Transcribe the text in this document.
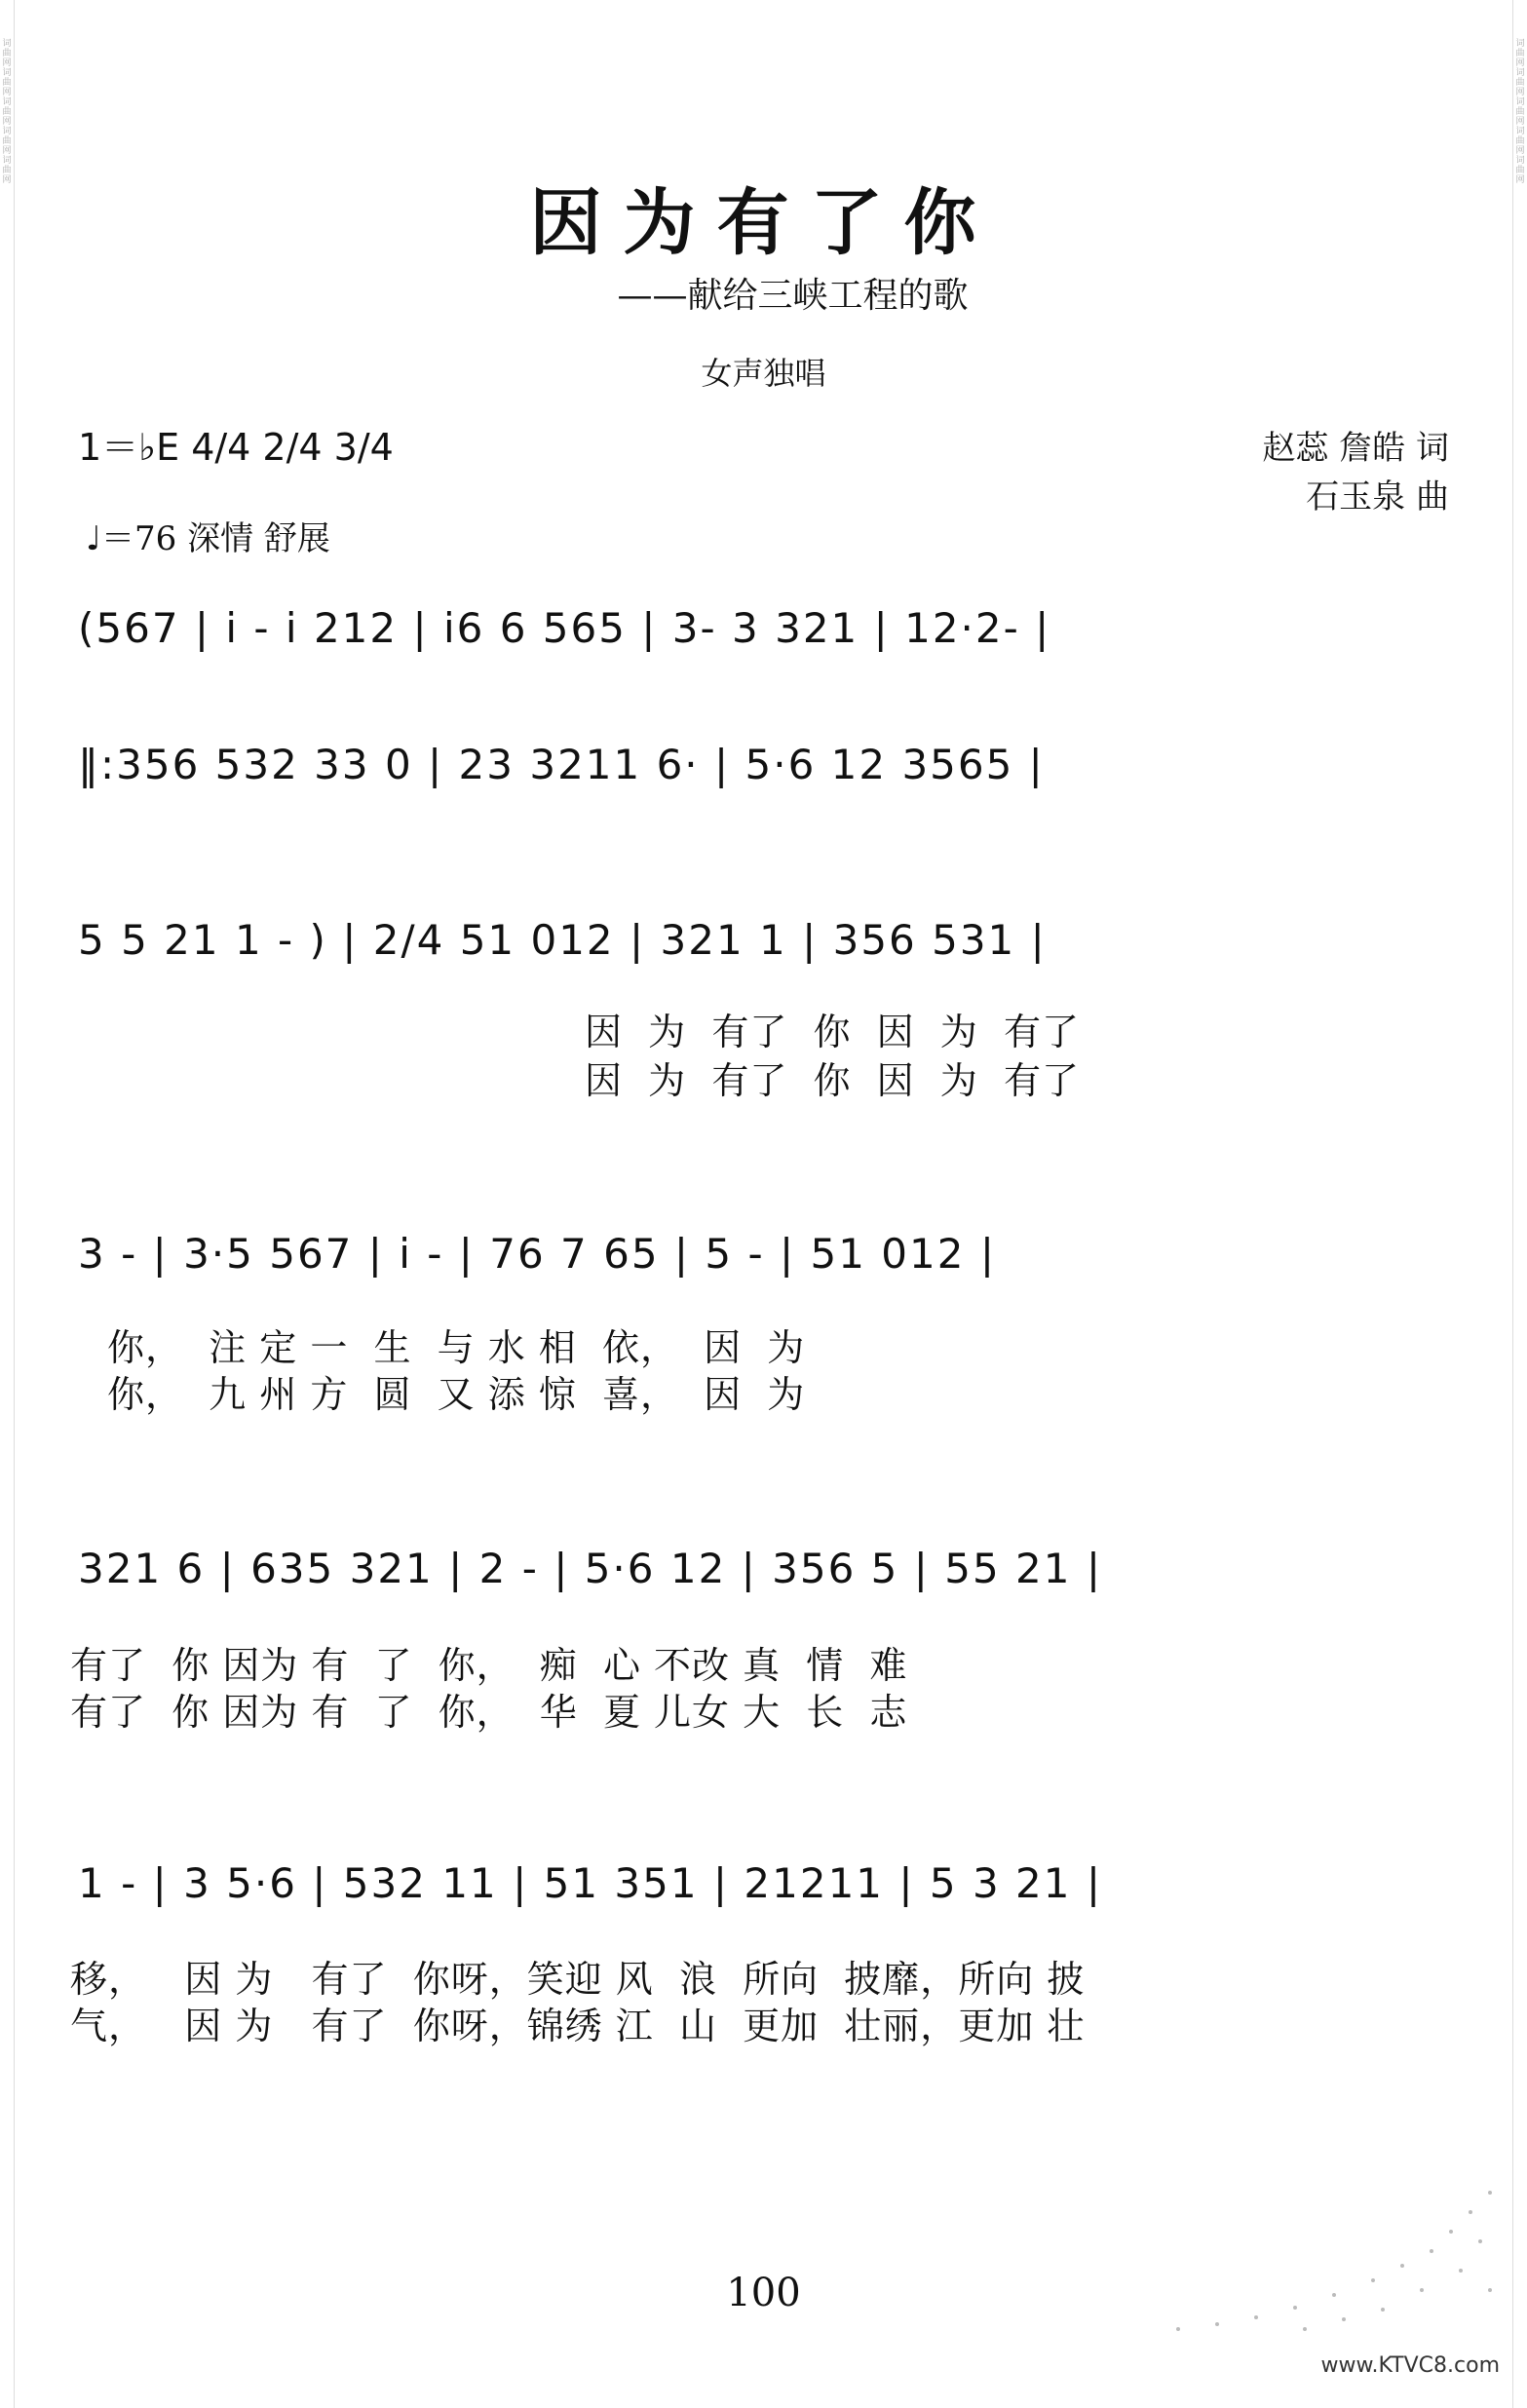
词曲网 词曲网 词曲网 词曲网 词曲网
词曲网 词曲网 词曲网 词曲网 词曲网
因为有了你
——献给三峡工程的歌
女声独唱
1＝♭E 4/4 2/4 3/4	赵蕊 詹皓 词
石玉泉 曲
♩＝76 深情 舒展
(567 | i - i 212 | i6 6 565 | 3- 3 321 | 12·2- |
‖:356 532 33 0 | 23 3211 6· | 5·6 12 3565 |
5 5 21 1 - ) | 2/4 51 012 | 321 1 | 356 531 |
因  为  有了  你  因  为  有了
因  为  有了  你  因  为  有了
3 - | 3·5 567 | i - | 76 7 65 | 5 - | 51 012 |
你，  注 定 一  生  与 水 相  依，  因  为
你，  九 州 方  圆  又 添 惊  喜，  因  为
321 6 | 635 321 | 2 - | 5·6 12 | 356 5 | 55 21 |
有了  你 因为 有  了  你，  痴  心 不改 真  情  难
有了  你 因为 有  了  你，  华  夏 儿女 大  长  志
1 - | 3 5·6 | 532 11 | 51 351 | 21211 | 5 3 21 |
移，   因 为   有了  你呀，笑迎 风  浪  所向  披靡，所向 披
气，   因 为   有了  你呀，锦绣 江  山  更加  壮丽，更加 壮
100
www.KTVC8.com
